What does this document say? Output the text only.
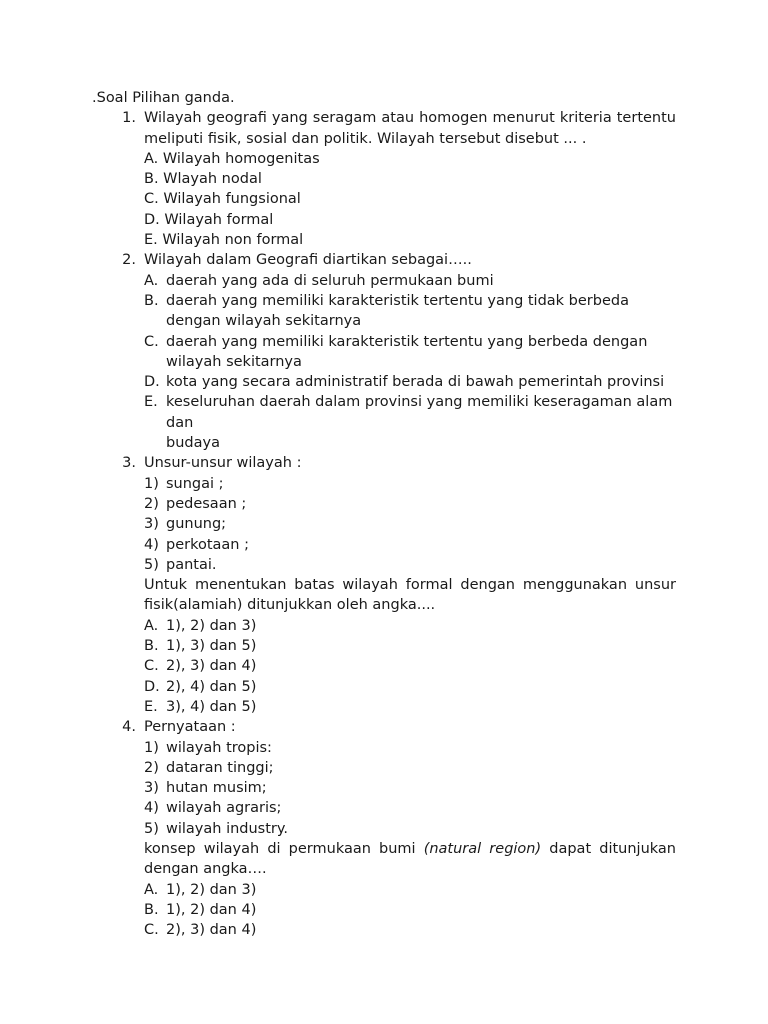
.Soal Pilihan ganda.

1. Wilayah geografi yang seragam atau homogen menurut kriteria tertentu
meliputi fisik, sosial dan politik. Wilayah tersebut disebut ... .
A. Wilayah homogenitas
B. Wlayah nodal
C. Wilayah fungsional
D. Wilayah formal
E. Wilayah non formal
2. Wilayah dalam Geografi diartikan sebagai…..
A. daerah yang ada di seluruh permukaan bumi
B. daerah yang memiliki karakteristik tertentu yang tidak berbeda
dengan wilayah sekitarnya
C. daerah yang memiliki karakteristik tertentu yang berbeda dengan
wilayah sekitarnya
D. kota yang secara administratif berada di bawah pemerintah provinsi
E. keseluruhan daerah dalam provinsi yang memiliki keseragaman alam dan
budaya
3. Unsur-unsur wilayah :
1) sungai ;
2) pedesaan ;
3) gunung;
4) perkotaan ;
5) pantai.
Untuk menentukan batas wilayah formal dengan menggunakan unsur
fisik(alamiah) ditunjukkan oleh angka....
A. 1), 2) dan 3)
B. 1), 3) dan 5)
C. 2), 3) dan 4)
D. 2), 4) dan 5)
E. 3), 4) dan 5)
4. Pernyataan :
1) wilayah tropis:
2) dataran tinggi;
3) hutan musim;
4) wilayah agraris;
5) wilayah industry.
konsep wilayah di permukaan bumi (natural region) dapat ditunjukan
dengan angka….
A. 1), 2) dan 3)
B. 1), 2) dan 4)
C. 2), 3) dan 4)
